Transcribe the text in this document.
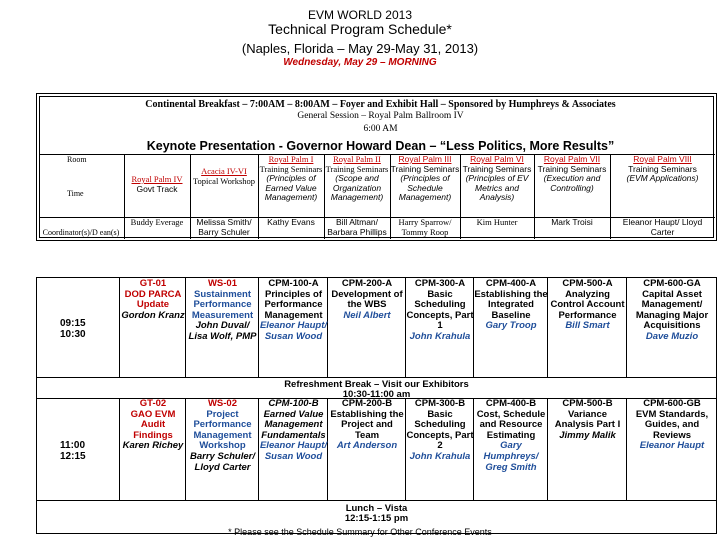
EVM WORLD 2013
Technical Program Schedule*
(Naples, Florida – May 29-May 31, 2013)
Wednesday, May 29 – MORNING
Continental Breakfast – 7:00AM – 8:00AM – Foyer and Exhibit Hall – Sponsored by Humphreys & Associates
General Session – Royal Palm Ballroom IV
6:00 AM
Keynote Presentation - Governor Howard Dean – “Less Politics, More Results”
Room
Time
Coordinator(s)/D ean(s)
Royal Palm IV
Govt Track
Buddy Everage
Acacia IV-VI
Topical Workshop
Melissa Smith/ Barry Schuler
Royal Palm I
Training Seminars
(Principles of Earned Value Management)
Kathy Evans
Royal Palm II
Training Seminars
(Scope and Organization Management)
Bill Altman/ Barbara Phillips
Royal Palm III
Training Seminars
(Principles of Schedule Management)
Harry Sparrow/ Tommy Roop
Royal Palm VI
Training Seminars
(Principles of EV Metrics and Analysis)
Kim Hunter
Royal Palm VII
Training Seminars
(Execution and Controlling)
Mark Troisi
Royal Palm VIII
Training Seminars
(EVM Applications)
Eleanor Haupt/ Lloyd Carter
09:15 10:30
11:00 12:15
Refreshment Break – Visit our Exhibitors
10:30-11:00 am
Lunch – Vista
12:15-1:15 pm
GT-01
DOD PARCA Update
Gordon Kranz
WS-01
Sustainment Performance Measurement
John Duval/ Lisa Wolf, PMP
CPM-100-A
Principles of Performance Management
Eleanor Haupt/ Susan Wood
CPM-200-A
Development of the WBS
Neil Albert
CPM-300-A
Basic Scheduling Concepts, Part 1
John Krahula
CPM-400-A
Establishing the Integrated Baseline
Gary Troop
CPM-500-A
Analyzing Control Account Performance
Bill Smart
CPM-600-GA
Capital Asset Management/ Managing Major Acquisitions
Dave Muzio
GT-02
GAO EVM Audit Findings
Karen Richey
WS-02
Project Performance Management Workshop
Barry Schuler/ Lloyd Carter
CPM-100-B
Earned Value Management Fundamentals
Eleanor Haupt/ Susan Wood
CPM-200-B
Establishing the Project and Team
Art Anderson
CPM-300-B
Basic Scheduling Concepts, Part 2
John Krahula
CPM-400-B
Cost, Schedule and Resource Estimating
Gary Humphreys/ Greg Smith
CPM-500-B
Variance Analysis Part I
Jimmy Malik
CPM-600-GB
EVM Standards, Guides, and Reviews
Eleanor Haupt
* Please see the Schedule Summary for Other Conference Events
